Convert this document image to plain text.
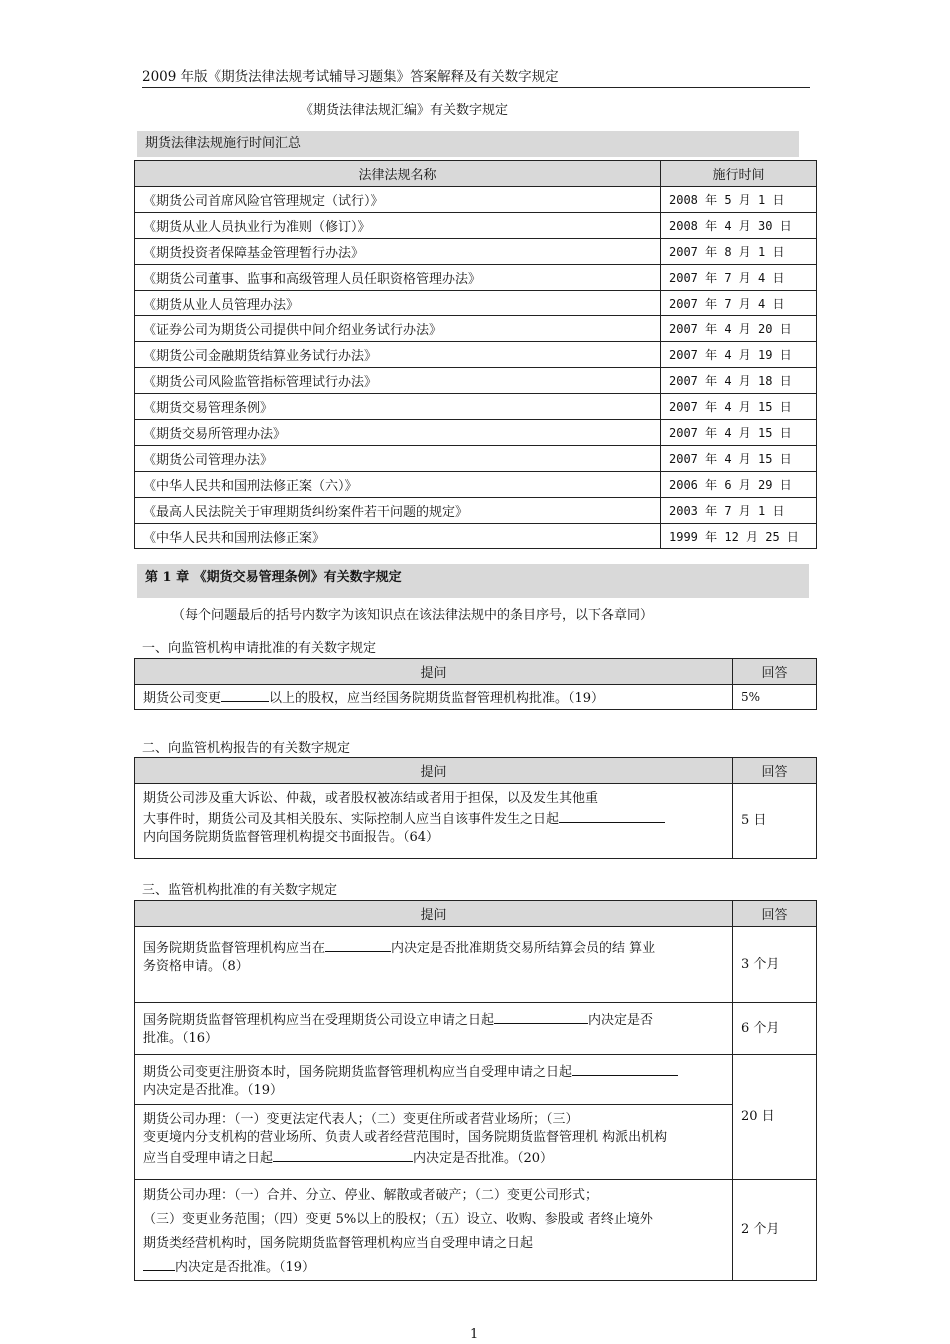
2009 年版《期货法律法规考试辅导习题集》答案解释及有关数字规定
《期货法律法规汇编》有关数字规定
期货法律法规施行时间汇总
法律法规名称	施行时间
《期货公司首席风险官管理规定（试行）》	2008 年 5 月 1 日
《期货从业人员执业行为准则（修订）》	2008 年 4 月 30 日
《期货投资者保障基金管理暂行办法》	2007 年 8 月 1 日
《期货公司董事、监事和高级管理人员任职资格管理办法》	2007 年 7 月 4 日
《期货从业人员管理办法》	2007 年 7 月 4 日
《证券公司为期货公司提供中间介绍业务试行办法》	2007 年 4 月 20 日
《期货公司金融期货结算业务试行办法》	2007 年 4 月 19 日
《期货公司风险监管指标管理试行办法》	2007 年 4 月 18 日
《期货交易管理条例》	2007 年 4 月 15 日
《期货交易所管理办法》	2007 年 4 月 15 日
《期货公司管理办法》	2007 年 4 月 15 日
《中华人民共和国刑法修正案（六）》	2006 年 6 月 29 日
《最高人民法院关于审理期货纠纷案件若干问题的规定》	2003 年 7 月 1 日
《中华人民共和国刑法修正案》	1999 年 12 月 25 日
第 1 章 《期货交易管理条例》有关数字规定
（每个问题最后的括号内数字为该知识点在该法律法规中的条目序号，以下各章同）
一、向监管机构申请批准的有关数字规定
提问	回答
期货公司变更 以上的股权，应当经国务院期货监督管理机构批准。（19）	5%
二、向监管机构报告的有关数字规定
提问	回答

期货公司涉及重大诉讼、仲裁，或者股权被冻结或者用于担保，以及发生其他重
大事件时，期货公司及其相关股东、实际控制人应当自该事件发生之日起
内向国务院期货监督管理机构提交书面报告。（64）	5 日
三、监管机构批准的有关数字规定
提问	回答

国务院期货监督管理机构应当在 内决定是否批准期货交易所结算会员的结 算业
务资格申请。（8）	3 个月

国务院期货监督管理机构应当在受理期货公司设立申请之日起 内决定是否
批准。（16）	6 个月

期货公司变更注册资本时，国务院期货监督管理机构应当自受理申请之日起
内决定是否批准。（19）	20 日

期货公司办理：（一）变更法定代表人；（二）变更住所或者营业场所；（三）
变更境内分支机构的营业场所、负责人或者经营范围时，国务院期货监督管理机 构派出机构
应当自受理申请之日起 内决定是否批准。（20）	

期货公司办理：（一）合并、分立、停业、解散或者破产；（二）变更公司形式；
（三）变更业务范围；（四）变更 5%以上的股权；（五）设立、收购、参股或 者终止境外
期货类经营机构时，国务院期货监督管理机构应当自受理申请之日起
内决定是否批准。（19）	2 个月
1
